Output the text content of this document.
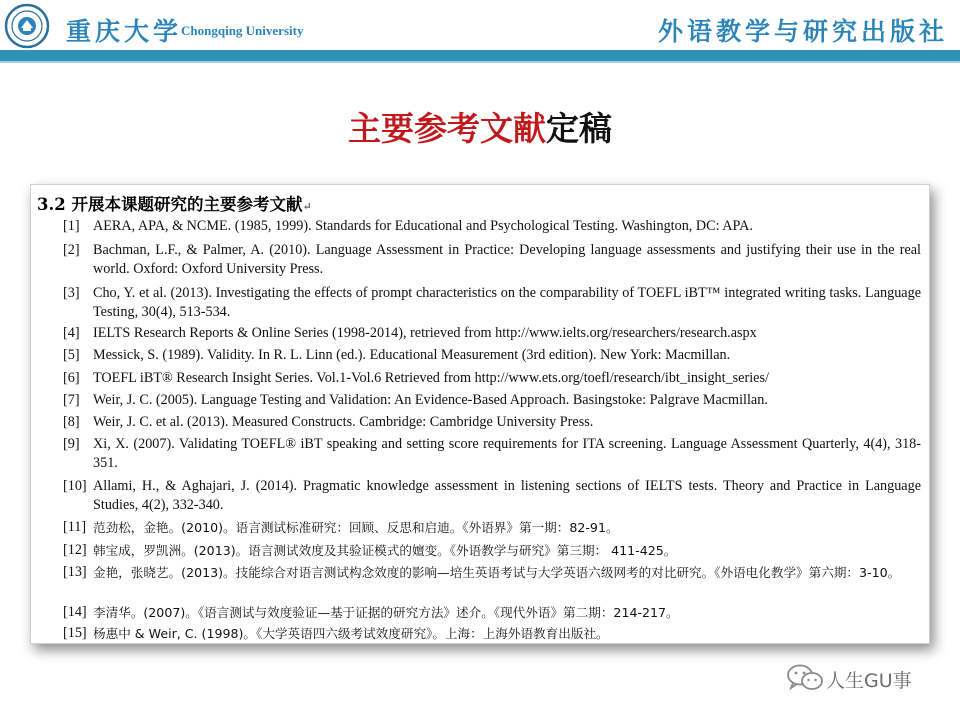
重庆大学
Chongqing University	外语教学与研究出版社
主要参考文献定稿
3.2 开展本课题研究的主要参考文献↵
[1] AERA, APA, & NCME. (1985, 1999). Standards for Educational and Psychological Testing. Washington, DC: APA.
[2] Bachman, L.F., & Palmer, A. (2010). Language Assessment in Practice: Developing language assessments and justifying their use in the real world. Oxford: Oxford University Press.
[3] Cho, Y. et al. (2013). Investigating the effects of prompt characteristics on the comparability of TOEFL iBT™ integrated writing tasks. Language Testing, 30(4), 513-534.
[4] IELTS Research Reports & Online Series (1998-2014), retrieved from http://www.ielts.org/researchers/research.aspx
[5] Messick, S. (1989). Validity. In R. L. Linn (ed.). Educational Measurement (3rd edition). New York: Macmillan.
[6] TOEFL iBT® Research Insight Series. Vol.1-Vol.6 Retrieved from http://www.ets.org/toefl/research/ibt_insight_series/
[7] Weir, J. C. (2005). Language Testing and Validation: An Evidence-Based Approach. Basingstoke: Palgrave Macmillan.
[8] Weir, J. C. et al. (2013). Measured Constructs. Cambridge: Cambridge University Press.
[9] Xi, X. (2007). Validating TOEFL® iBT speaking and setting score requirements for ITA screening. Language Assessment Quarterly, 4(4), 318-351.
[10] Allami, H., & Aghajari, J. (2014). Pragmatic knowledge assessment in listening sections of IELTS tests. Theory and Practice in Language Studies, 4(2), 332-340.
[11] 范劲松，金艳。(2010)。语言测试标准研究：回顾、反思和启迪。《外语界》第一期：82-91。
[12] 韩宝成，罗凯洲。(2013)。语言测试效度及其验证模式的嬗变。《外语教学与研究》第三期： 411-425。
[13] 金艳，张晓艺。(2013)。技能综合对语言测试构念效度的影响—培生英语考试与大学英语六级网考的对比研究。《外语电化教学》第六期：3-10。
[14] 李清华。(2007)。《语言测试与效度验证—基于证据的研究方法》述介。《现代外语》第二期：214-217。
[15] 杨惠中 & Weir, C. (1998)。《大学英语四六级考试效度研究》。上海：上海外语教育出版社。
人生GU事
